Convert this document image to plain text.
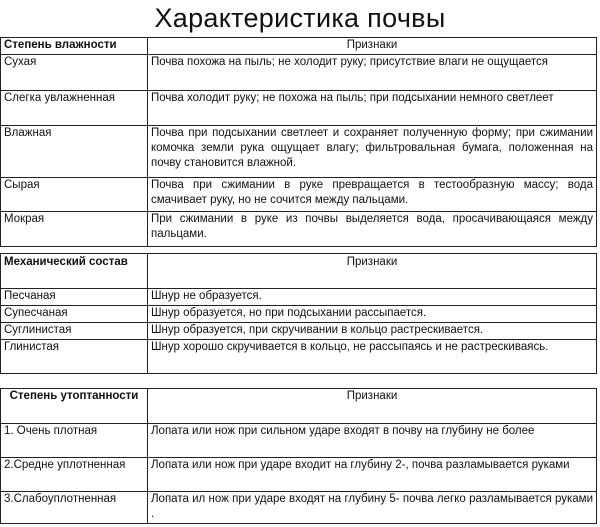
Характеристика почвы
Степень влажности	Признаки
Сухая	Почва похожа на пыль; не холодит руку; присутствие влаги не ощущается
Слегка увлажненная	Почва холодит руку; не похожа на пыль; при подсыхании немного светлеет
Влажная	Почва при подсыхании светлеет и сохраняет полученную форму; при сжимании комочка земли рука ощущает влагу; фильтровальная бумага, положенная на почву становится влажной.
Сырая	Почва при сжимании в руке превращается в тестообразную массу; вода смачивает руку, но не сочится между пальцами.
Мокрая	При сжимании в руке из почвы выделяется вода, просачивающаяся между пальцами.
Механический состав	Признаки
Песчаная	Шнур не образуется.
Супесчаная	Шнур образуется, но при подсыхании рассыпается.
Суглинистая	Шнур образуется, при скручивании в кольцо растрескивается.
Глинистая	Шнур хорошо скручивается в кольцо, не рассыпаясь и не растрескиваясь.
Степень утоптанности	Признаки
1. Очень плотная	Лопата или нож при сильном ударе входят в почву на глубину не более
2.Средне уплотненная	Лопата или нож при ударе входит на глубину 2-, почва разламывается руками
3.Слабоуплотненная	Лопата ил нож при ударе входят на глубину 5- почва легко разламывается руками .
